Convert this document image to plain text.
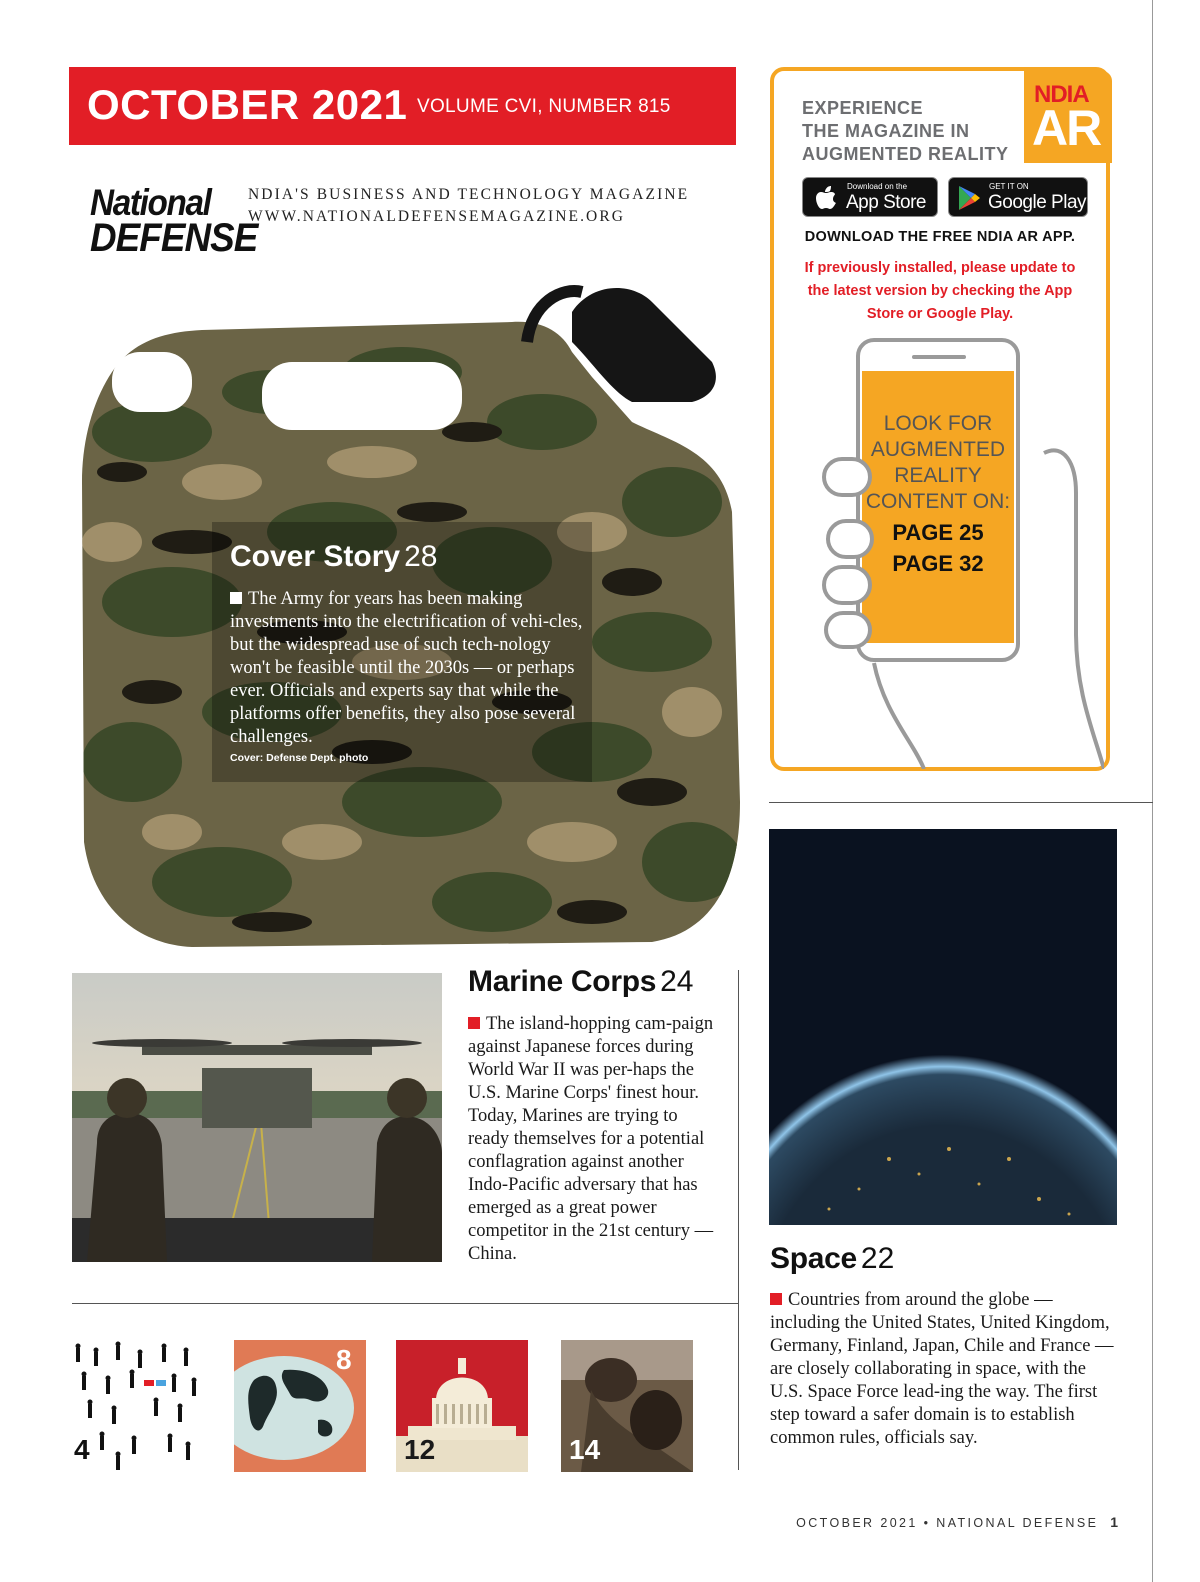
OCTOBER 2021 VOLUME CVI, NUMBER 815
National
DEFENSE
NDIA'S BUSINESS AND TECHNOLOGY MAGAZINE
WWW.NATIONALDEFENSEMAGAZINE.ORG
Cover Story 28
The Army for years has been making investments into the electrification of vehi-cles, but the widespread use of such tech-nology won't be feasible until the 2030s — or perhaps ever. Officials and experts say that while the platforms offer benefits, they also pose several challenges.
Cover: Defense Dept. photo
EXPERIENCE
THE MAGAZINE IN
AUGMENTED REALITY
NDIA
AR
Download on the
App Store
GET IT ON
Google Play
DOWNLOAD THE FREE NDIA AR APP.
If previously installed, please update to the latest version by checking the App Store or Google Play.
LOOK FOR
AUGMENTED
REALITY
CONTENT ON:
PAGE 25
PAGE 32
Marine Corps 24
The island-hopping cam-paign against Japanese forces during World War II was per-haps the U.S. Marine Corps' finest hour. Today, Marines are trying to ready themselves for a potential conflagration against another Indo-Pacific adversary that has emerged as a great power competitor in the 21st century — China.	Space 22
Countries from around the globe — including the United States, United Kingdom, Germany, Finland, Japan, Chile and France — are closely collaborating in space, with the U.S. Space Force lead-ing the way. The first step toward a safer domain is to establish common rules, officials say.
4
8
12	14
OCTOBER 2021 • NATIONAL DEFENSE 1
